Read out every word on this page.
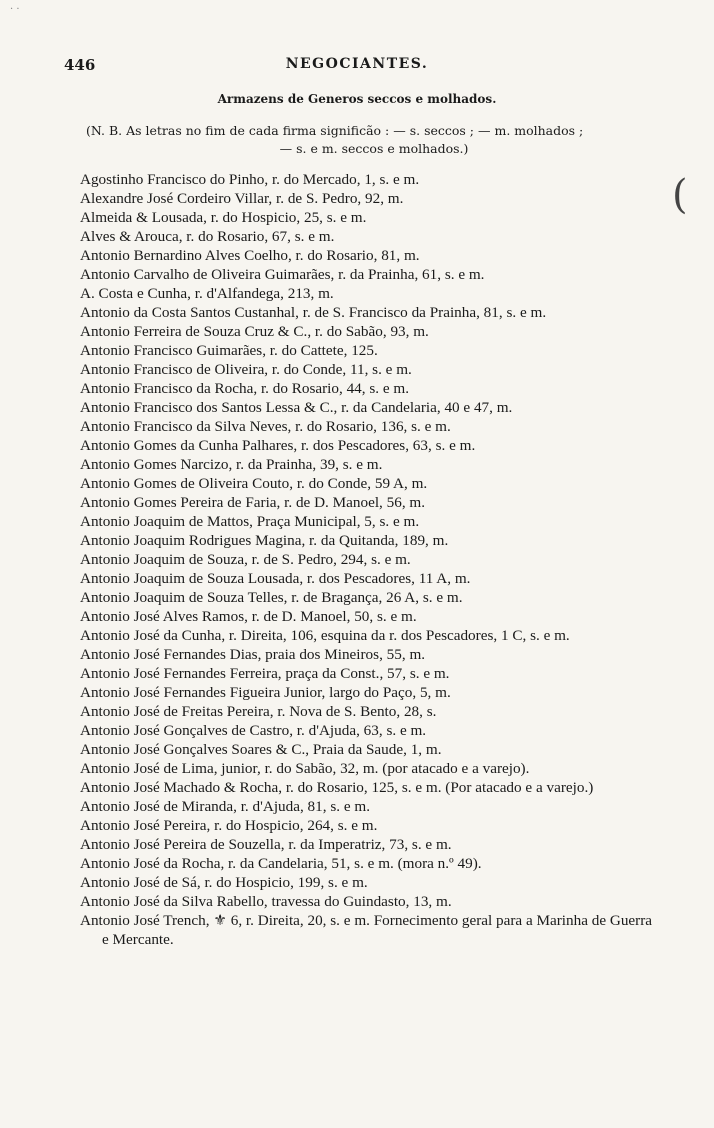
446	NEGOCIANTES.
Armazens de Generos seccos e molhados.
(N. B. As letras no fim de cada firma significão : — s. seccos ; — m. molhados ;
— s. e m. seccos e molhados.)
Agostinho Francisco do Pinho, r. do Mercado, 1, s. e m.
Alexandre José Cordeiro Villar, r. de S. Pedro, 92, m.
Almeida & Lousada, r. do Hospicio, 25, s. e m.
Alves & Arouca, r. do Rosario, 67, s. e m.
Antonio Bernardino Alves Coelho, r. do Rosario, 81, m.
Antonio Carvalho de Oliveira Guimarães, r. da Prainha, 61, s. e m.
A. Costa e Cunha, r. d'Alfandega, 213, m.
Antonio da Costa Santos Custanhal, r. de S. Francisco da Prainha, 81, s. e m.
Antonio Ferreira de Souza Cruz & C., r. do Sabão, 93, m.
Antonio Francisco Guimarães, r. do Cattete, 125.
Antonio Francisco de Oliveira, r. do Conde, 11, s. e m.
Antonio Francisco da Rocha, r. do Rosario, 44, s. e m.
Antonio Francisco dos Santos Lessa & C., r. da Candelaria, 40 e 47, m.
Antonio Francisco da Silva Neves, r. do Rosario, 136, s. e m.
Antonio Gomes da Cunha Palhares, r. dos Pescadores, 63, s. e m.
Antonio Gomes Narcizo, r. da Prainha, 39, s. e m.
Antonio Gomes de Oliveira Couto, r. do Conde, 59 A, m.
Antonio Gomes Pereira de Faria, r. de D. Manoel, 56, m.
Antonio Joaquim de Mattos, Praça Municipal, 5, s. e m.
Antonio Joaquim Rodrigues Magina, r. da Quitanda, 189, m.
Antonio Joaquim de Souza, r. de S. Pedro, 294, s. e m.
Antonio Joaquim de Souza Lousada, r. dos Pescadores, 11 A, m.
Antonio Joaquim de Souza Telles, r. de Bragança, 26 A, s. e m.
Antonio José Alves Ramos, r. de D. Manoel, 50, s. e m.
Antonio José da Cunha, r. Direita, 106, esquina da r. dos Pescadores, 1 C, s. e m.
Antonio José Fernandes Dias, praia dos Mineiros, 55, m.
Antonio José Fernandes Ferreira, praça da Const., 57, s. e m.
Antonio José Fernandes Figueira Junior, largo do Paço, 5, m.
Antonio José de Freitas Pereira, r. Nova de S. Bento, 28, s.
Antonio José Gonçalves de Castro, r. d'Ajuda, 63, s. e m.
Antonio José Gonçalves Soares & C., Praia da Saude, 1, m.
Antonio José de Lima, junior, r. do Sabão, 32, m. (por atacado e a varejo).
Antonio José Machado & Rocha, r. do Rosario, 125, s. e m. (Por atacado e a varejo.)
Antonio José de Miranda, r. d'Ajuda, 81, s. e m.
Antonio José Pereira, r. do Hospicio, 264, s. e m.
Antonio José Pereira de Souzella, r. da Imperatriz, 73, s. e m.
Antonio José da Rocha, r. da Candelaria, 51, s. e m. (mora n.º 49).
Antonio José de Sá, r. do Hospicio, 199, s. e m.
Antonio José da Silva Rabello, travessa do Guindasto, 13, m.
Antonio José Trench, ⚜ 6, r. Direita, 20, s. e m. Fornecimento geral para a Marinha de Guerra e Mercante.
(
· ·
